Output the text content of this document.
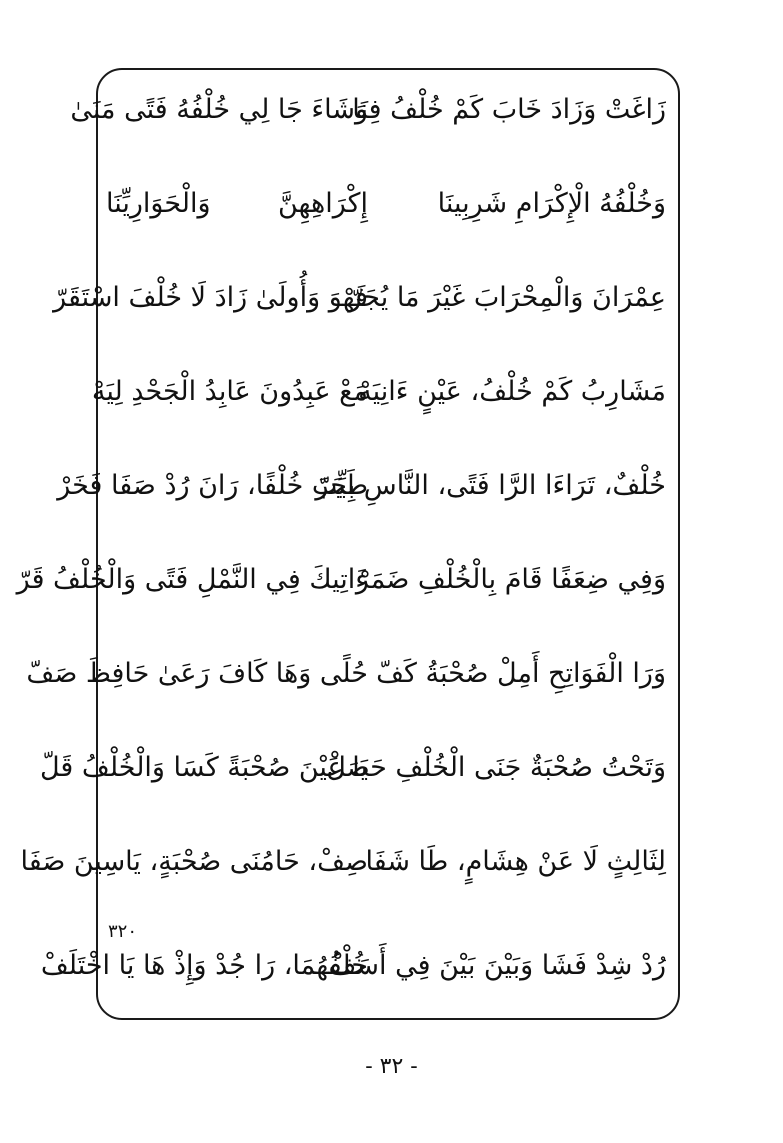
زَاغَتْ وَزَادَ خَابَ كَمْ خُلْفُ فِنَا
وَشَاءَ جَا لِي خُلْفُهُ فَتًى مَنَىٰ
وَخُلْفُهُ الْإِكْرَامِ شَرِبِينَا
إِكْرَاهِهِنَّ وَالْحَوَارِيِّنَا
عِمْرَانَ وَالْمِحْرَابَ غَيْرَ مَا يُجَرّ
فَهْوَ وَأُولَىٰ زَادَ لَا خُلْفَ اسْتَقَرّ
مَشَارِبُ كَمْ خُلْفُ، عَيْنٍ ءَانِيَهْ
مَعْ عَبِدُونَ عَابِدُ الْجَحْدِ لِيَهْ
خُلْفٌ، تَرَاءَا الرَّا فَتًى، النَّاسِ بِجَرّ
طَيِّبَ خُلْفًا، رَانَ رُدْ صَفَا فَخَرْ
وَفِي ضِعَفًا قَامَ بِالْخُلْفِ ضَمَرْ
ءَاتِيكَ فِي النَّمْلِ فَتًى وَالْخُلْفُ قَرّ
وَرَا الْفَوَاتِحِ أَمِلْ صُحْبَةُ كَفّ
حُلًى وَهَا كَافَ رَعَىٰ حَافِظَ صَفّ
وَتَحْتُ صُحْبَةٌ جَنَى الْخُلْفِ حَصَلْ
يَا عَيْنَ صُحْبَةً كَسَا وَالْخُلْفُ قَلّ
لِثَالِثٍ لَا عَنْ هِشَامٍ، طَا شَفَا
صِفْ، حَامُنَى صُحْبَةٍ، يَاسِينَ صَفَا
رُدْ شِدْ فَشَا وَبَيْنَ بَيْنَ فِي أَسَفْ
خُلْفُهُمَا، رَا جُدْ وَإِذْ هَا يَا اخْتَلَفْ
٣٢٠
- ٣٢ -
